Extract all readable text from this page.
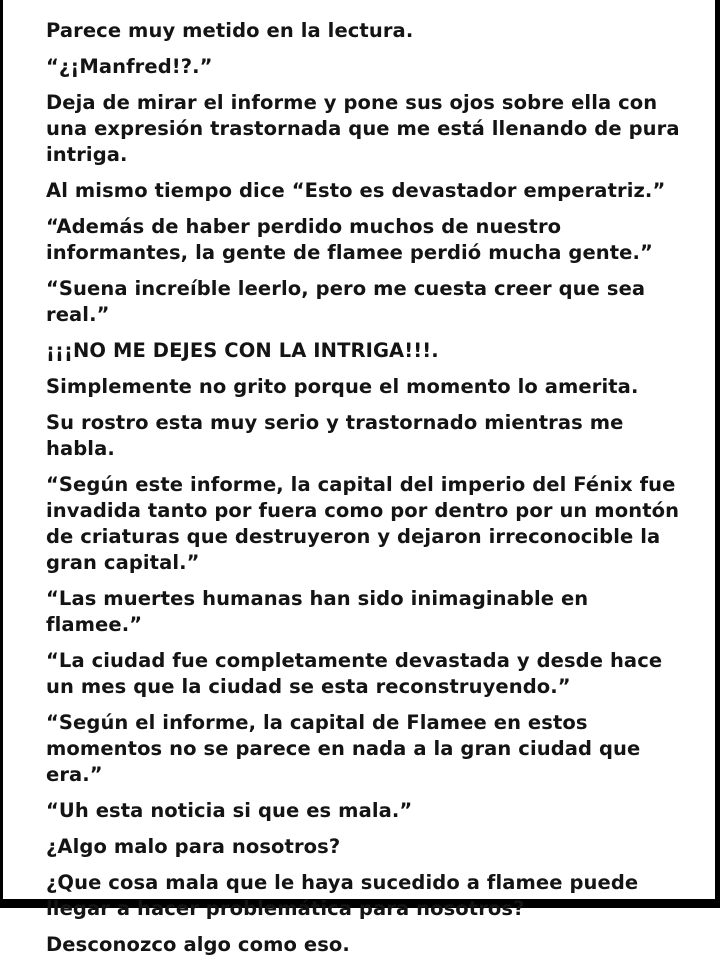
Parece muy metido en la lectura.

“¿¡Manfred!?.”

Deja de mirar el informe y pone sus ojos sobre ella con una expresión trastornada que me está llenando de pura intriga.

Al mismo tiempo dice “Esto es devastador emperatriz.”

“Además de haber perdido muchos de nuestro informantes, la gente de flamee perdió mucha gente.”

“Suena increíble leerlo, pero me cuesta creer que sea real.”

¡¡¡NO ME DEJES CON LA INTRIGA!!!.

Simplemente no grito porque el momento lo amerita.

Su rostro esta muy serio y trastornado mientras me habla.

“Según este informe, la capital del imperio del Fénix fue invadida tanto por fuera como por dentro por un montón de criaturas que destruyeron y dejaron irreconocible la gran capital.”

“Las muertes humanas han sido inimaginable en flamee.”

“La ciudad fue completamente devastada y desde hace un mes que la ciudad se esta reconstruyendo.”

“Según el informe, la capital de Flamee en estos momentos no se parece en nada a la gran ciudad que era.”

“Uh esta noticia si que es mala.”

¿Algo malo para nosotros?

¿Que cosa mala que le haya sucedido a flamee puede llegar a hacer problemática para nosotros?

Desconozco algo como eso.
